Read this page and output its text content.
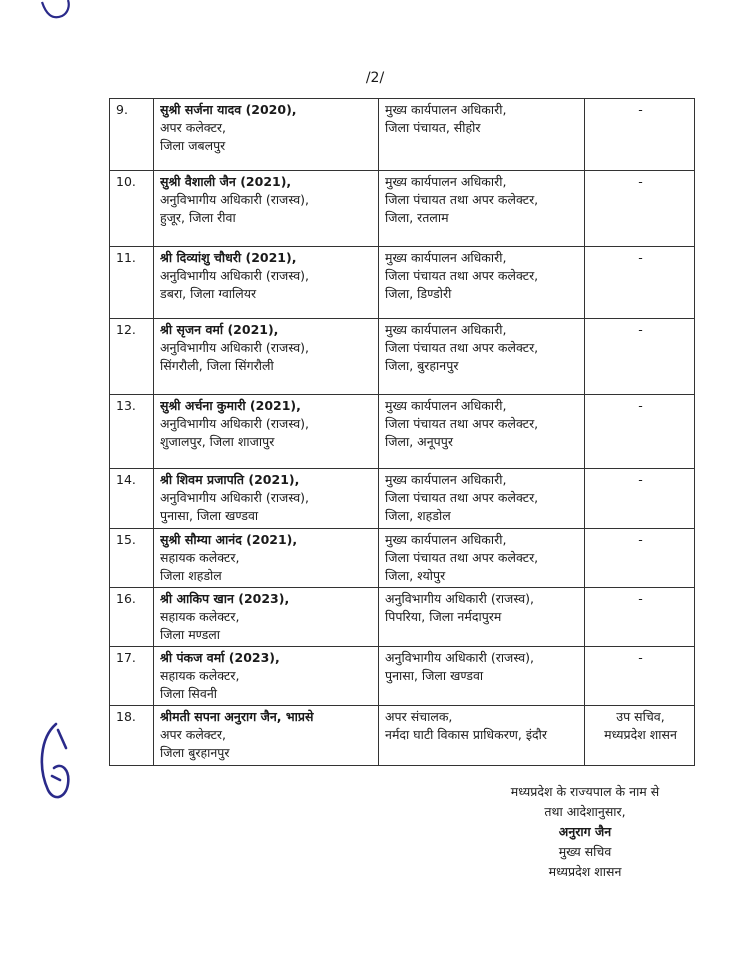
/2/
9.	सुश्री सर्जना यादव (2020),
अपर कलेक्टर,
जिला जबलपुर	मुख्य कार्यपालन अधिकारी,
जिला पंचायत, सीहोर	-

10.	सुश्री वैशाली जैन (2021),
अनुविभागीय अधिकारी (राजस्व),
हुजूर, जिला रीवा	मुख्य कार्यपालन अधिकारी,
जिला पंचायत तथा अपर कलेक्टर,
जिला, रतलाम	-

11.	श्री दिव्यांशु चौधरी (2021),
अनुविभागीय अधिकारी (राजस्व),
डबरा, जिला ग्वालियर	मुख्य कार्यपालन अधिकारी,
जिला पंचायत तथा अपर कलेक्टर,
जिला, डिण्डोरी	-

12.	श्री सृजन वर्मा (2021),
अनुविभागीय अधिकारी (राजस्व),
सिंगरौली, जिला सिंगरौली	मुख्य कार्यपालन अधिकारी,
जिला पंचायत तथा अपर कलेक्टर,
जिला, बुरहानपुर	-

13.	सुश्री अर्चना कुमारी (2021),
अनुविभागीय अधिकारी (राजस्व),
शुजालपुर, जिला शाजापुर	मुख्य कार्यपालन अधिकारी,
जिला पंचायत तथा अपर कलेक्टर,
जिला, अनूपपुर	-

14.	श्री शिवम प्रजापति (2021),
अनुविभागीय अधिकारी (राजस्व),
पुनासा, जिला खण्डवा	मुख्य कार्यपालन अधिकारी,
जिला पंचायत तथा अपर कलेक्टर,
जिला, शहडोल	-

15.	सुश्री सौम्या आनंद (2021),
सहायक कलेक्टर,
जिला शहडोल	मुख्य कार्यपालन अधिकारी,
जिला पंचायत तथा अपर कलेक्टर,
जिला, श्योपुर	-

16.	श्री आकिप खान (2023),
सहायक कलेक्टर,
जिला मण्डला	अनुविभागीय अधिकारी (राजस्व),
पिपरिया, जिला नर्मदापुरम	-

17.	श्री पंकज वर्मा (2023),
सहायक कलेक्टर,
जिला सिवनी	अनुविभागीय अधिकारी (राजस्व),
पुनासा, जिला खण्डवा	-

18.	श्रीमती सपना अनुराग जैन, भाप्रसे
अपर कलेक्टर,
जिला बुरहानपुर	अपर संचालक,
नर्मदा घाटी विकास प्राधिकरण, इंदौर	उप सचिव,
मध्यप्रदेश शासन
मध्यप्रदेश के राज्यपाल के नाम से
तथा आदेशानुसार,
अनुराग जैन
मुख्य सचिव
मध्यप्रदेश शासन
